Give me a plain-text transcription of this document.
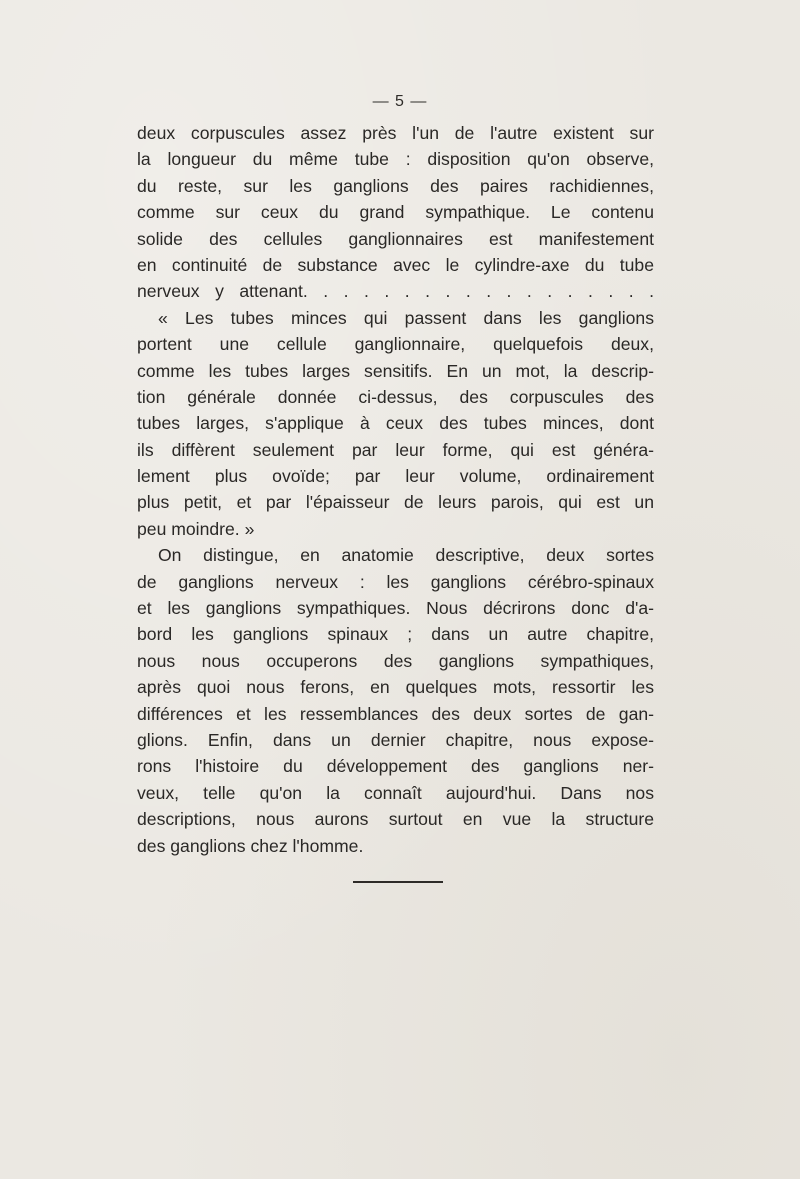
— 5 —
deux corpuscules assez près l'un de l'autre existent sur
la longueur du même tube : disposition qu'on observe,
du reste, sur les ganglions des paires rachidiennes,
comme sur ceux du grand sympathique. Le contenu
solide des cellules ganglionnaires est manifestement
en continuité de substance avec le cylindre-axe du tube
nerveux y attenant. . . . . . . . . . . . . . . . . .
« Les tubes minces qui passent dans les ganglions
portent une cellule ganglionnaire, quelquefois deux,
comme les tubes larges sensitifs. En un mot, la descrip-
tion générale donnée ci-dessus, des corpuscules des
tubes larges, s'applique à ceux des tubes minces, dont
ils diffèrent seulement par leur forme, qui est généra-
lement plus ovoïde; par leur volume, ordinairement
plus petit, et par l'épaisseur de leurs parois, qui est un
peu moindre. »
On distingue, en anatomie descriptive, deux sortes
de ganglions nerveux : les ganglions cérébro-spinaux
et les ganglions sympathiques. Nous décrirons donc d'a-
bord les ganglions spinaux ; dans un autre chapitre,
nous nous occuperons des ganglions sympathiques,
après quoi nous ferons, en quelques mots, ressortir les
différences et les ressemblances des deux sortes de gan-
glions. Enfin, dans un dernier chapitre, nous expose-
rons l'histoire du développement des ganglions ner-
veux, telle qu'on la connaît aujourd'hui. Dans nos
descriptions, nous aurons surtout en vue la structure
des ganglions chez l'homme.
